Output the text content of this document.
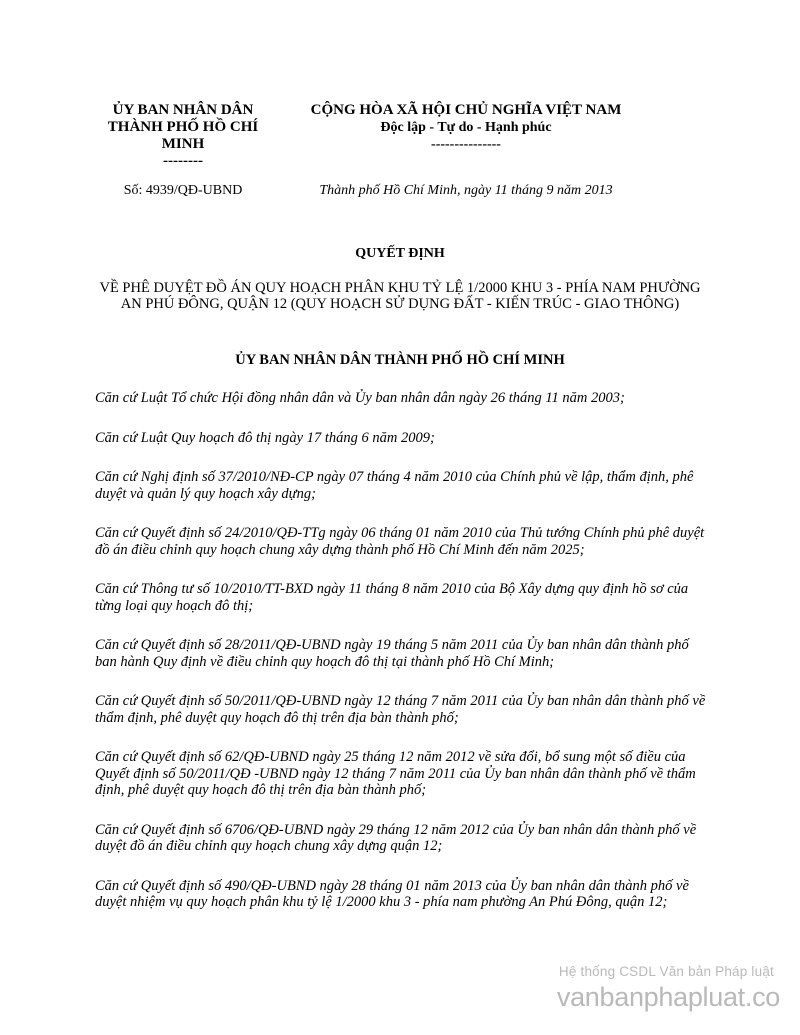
ỦY BAN NHÂN DÂN
THÀNH PHỐ HỒ CHÍ
MINH
--------
CỘNG HÒA XÃ HỘI CHỦ NGHĨA VIỆT NAM
Độc lập - Tự do - Hạnh phúc
---------------
Số: 4939/QĐ-UBND	Thành phố Hồ Chí Minh, ngày 11 tháng 9 năm 2013
QUYẾT ĐỊNH
VỀ PHÊ DUYỆT ĐỒ ÁN QUY HOẠCH PHÂN KHU TỶ LỆ 1/2000 KHU 3 - PHÍA NAM PHƯỜNG AN PHÚ ĐÔNG, QUẬN 12 (QUY HOẠCH SỬ DỤNG ĐẤT - KIẾN TRÚC - GIAO THÔNG)
ỦY BAN NHÂN DÂN THÀNH PHỐ HỒ CHÍ MINH
Căn cứ Luật Tổ chức Hội đồng nhân dân và Ủy ban nhân dân ngày 26 tháng 11 năm 2003;
Căn cứ Luật Quy hoạch đô thị ngày 17 tháng 6 năm 2009;
Căn cứ Nghị định số 37/2010/NĐ-CP ngày 07 tháng 4 năm 2010 của Chính phủ về lập, thẩm định, phê duyệt và quản lý quy hoạch xây dựng;
Căn cứ Quyết định số 24/2010/QĐ-TTg ngày 06 tháng 01 năm 2010 của Thủ tướng Chính phủ phê duyệt đồ án điều chỉnh quy hoạch chung xây dựng thành phố Hồ Chí Minh đến năm 2025;
Căn cứ Thông tư số 10/2010/TT-BXD ngày 11 tháng 8 năm 2010 của Bộ Xây dựng quy định hồ sơ của từng loại quy hoạch đô thị;
Căn cứ Quyết định số 28/2011/QĐ-UBND ngày 19 tháng 5 năm 2011 của Ủy ban nhân dân thành phố ban hành Quy định về điều chỉnh quy hoạch đô thị tại thành phố Hồ Chí Minh;
Căn cứ Quyết định số 50/2011/QĐ-UBND ngày 12 tháng 7 năm 2011 của Ủy ban nhân dân thành phố về thẩm định, phê duyệt quy hoạch đô thị trên địa bàn thành phố;
Căn cứ Quyết định số 62/QĐ-UBND ngày 25 tháng 12 năm 2012 về sửa đổi, bổ sung một số điều của Quyết định số 50/2011/QĐ -UBND ngày 12 tháng 7 năm 2011 của Ủy ban nhân dân thành phố về thẩm định, phê duyệt quy hoạch đô thị trên địa bàn thành phố;
Căn cứ Quyết định số 6706/QĐ-UBND ngày 29 tháng 12 năm 2012 của Ủy ban nhân dân thành phố về duyệt đồ án điều chỉnh quy hoạch chung xây dựng quận 12;
Căn cứ Quyết định số 490/QĐ-UBND ngày 28 tháng 01 năm 2013 của Ủy ban nhân dân thành phố về duyệt nhiệm vụ quy hoạch phân khu tỷ lệ 1/2000 khu 3 - phía nam phường An Phú Đông, quận 12;
Hệ thống CSDL Văn bản Pháp luật
vanbanphapluat.co
